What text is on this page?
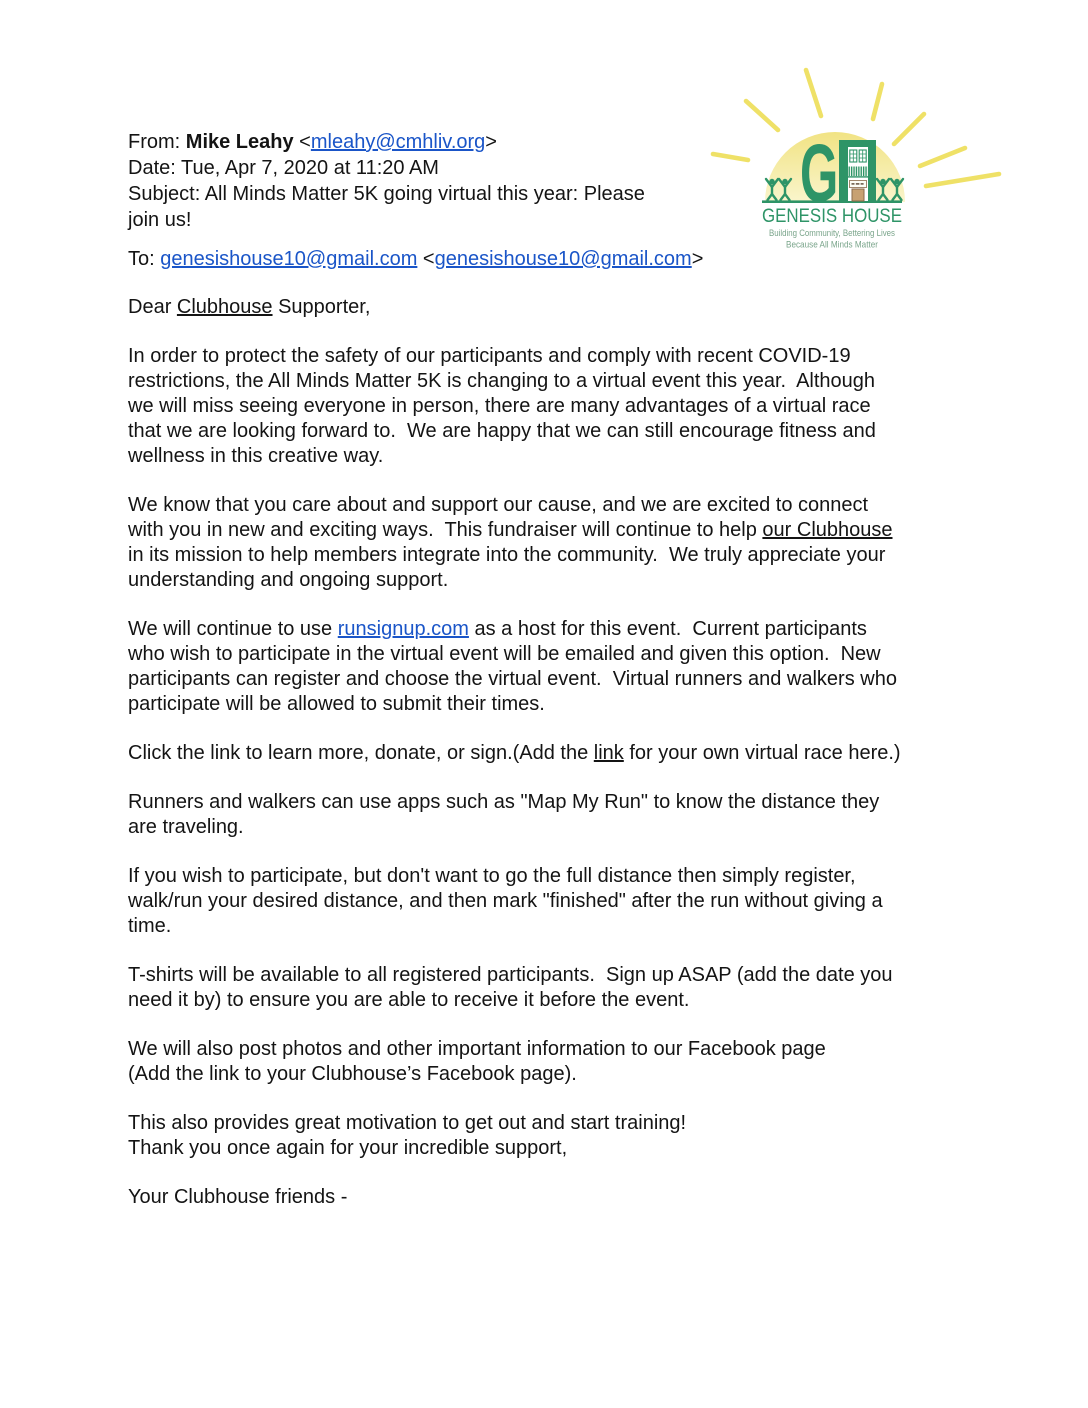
G
GENESIS HOUSE
Building Community, Bettering Lives
Because All Minds Matter
From: Mike Leahy <mleahy@cmhliv.org>
Date: Tue, Apr 7, 2020 at 11:20 AM
Subject: All Minds Matter 5K going virtual this year: Please
join us!
To: genesishouse10@gmail.com <genesishouse10@gmail.com>

Dear Clubhouse Supporter,

In order to protect the safety of our participants and comply with recent COVID-19
restrictions, the All Minds Matter 5K is changing to a virtual event this year.  Although
we will miss seeing everyone in person, there are many advantages of a virtual race
that we are looking forward to.  We are happy that we can still encourage fitness and
wellness in this creative way.

We know that you care about and support our cause, and we are excited to connect
with you in new and exciting ways.  This fundraiser will continue to help our Clubhouse
in its mission to help members integrate into the community.  We truly appreciate your
understanding and ongoing support.

We will continue to use runsignup.com as a host for this event.  Current participants
who wish to participate in the virtual event will be emailed and given this option.  New
participants can register and choose the virtual event.  Virtual runners and walkers who
participate will be allowed to submit their times.

Click the link to learn more, donate, or sign.(Add the link for your own virtual race here.)

Runners and walkers can use apps such as "Map My Run" to know the distance they
are traveling.

If you wish to participate, but don't want to go the full distance then simply register,
walk/run your desired distance, and then mark "finished" after the run without giving a
time.

T-shirts will be available to all registered participants.  Sign up ASAP (add the date you
need it by) to ensure you are able to receive it before the event.

We will also post photos and other important information to our Facebook page
(Add the link to your Clubhouse’s Facebook page).

This also provides great motivation to get out and start training!
Thank you once again for your incredible support,

Your Clubhouse friends -
